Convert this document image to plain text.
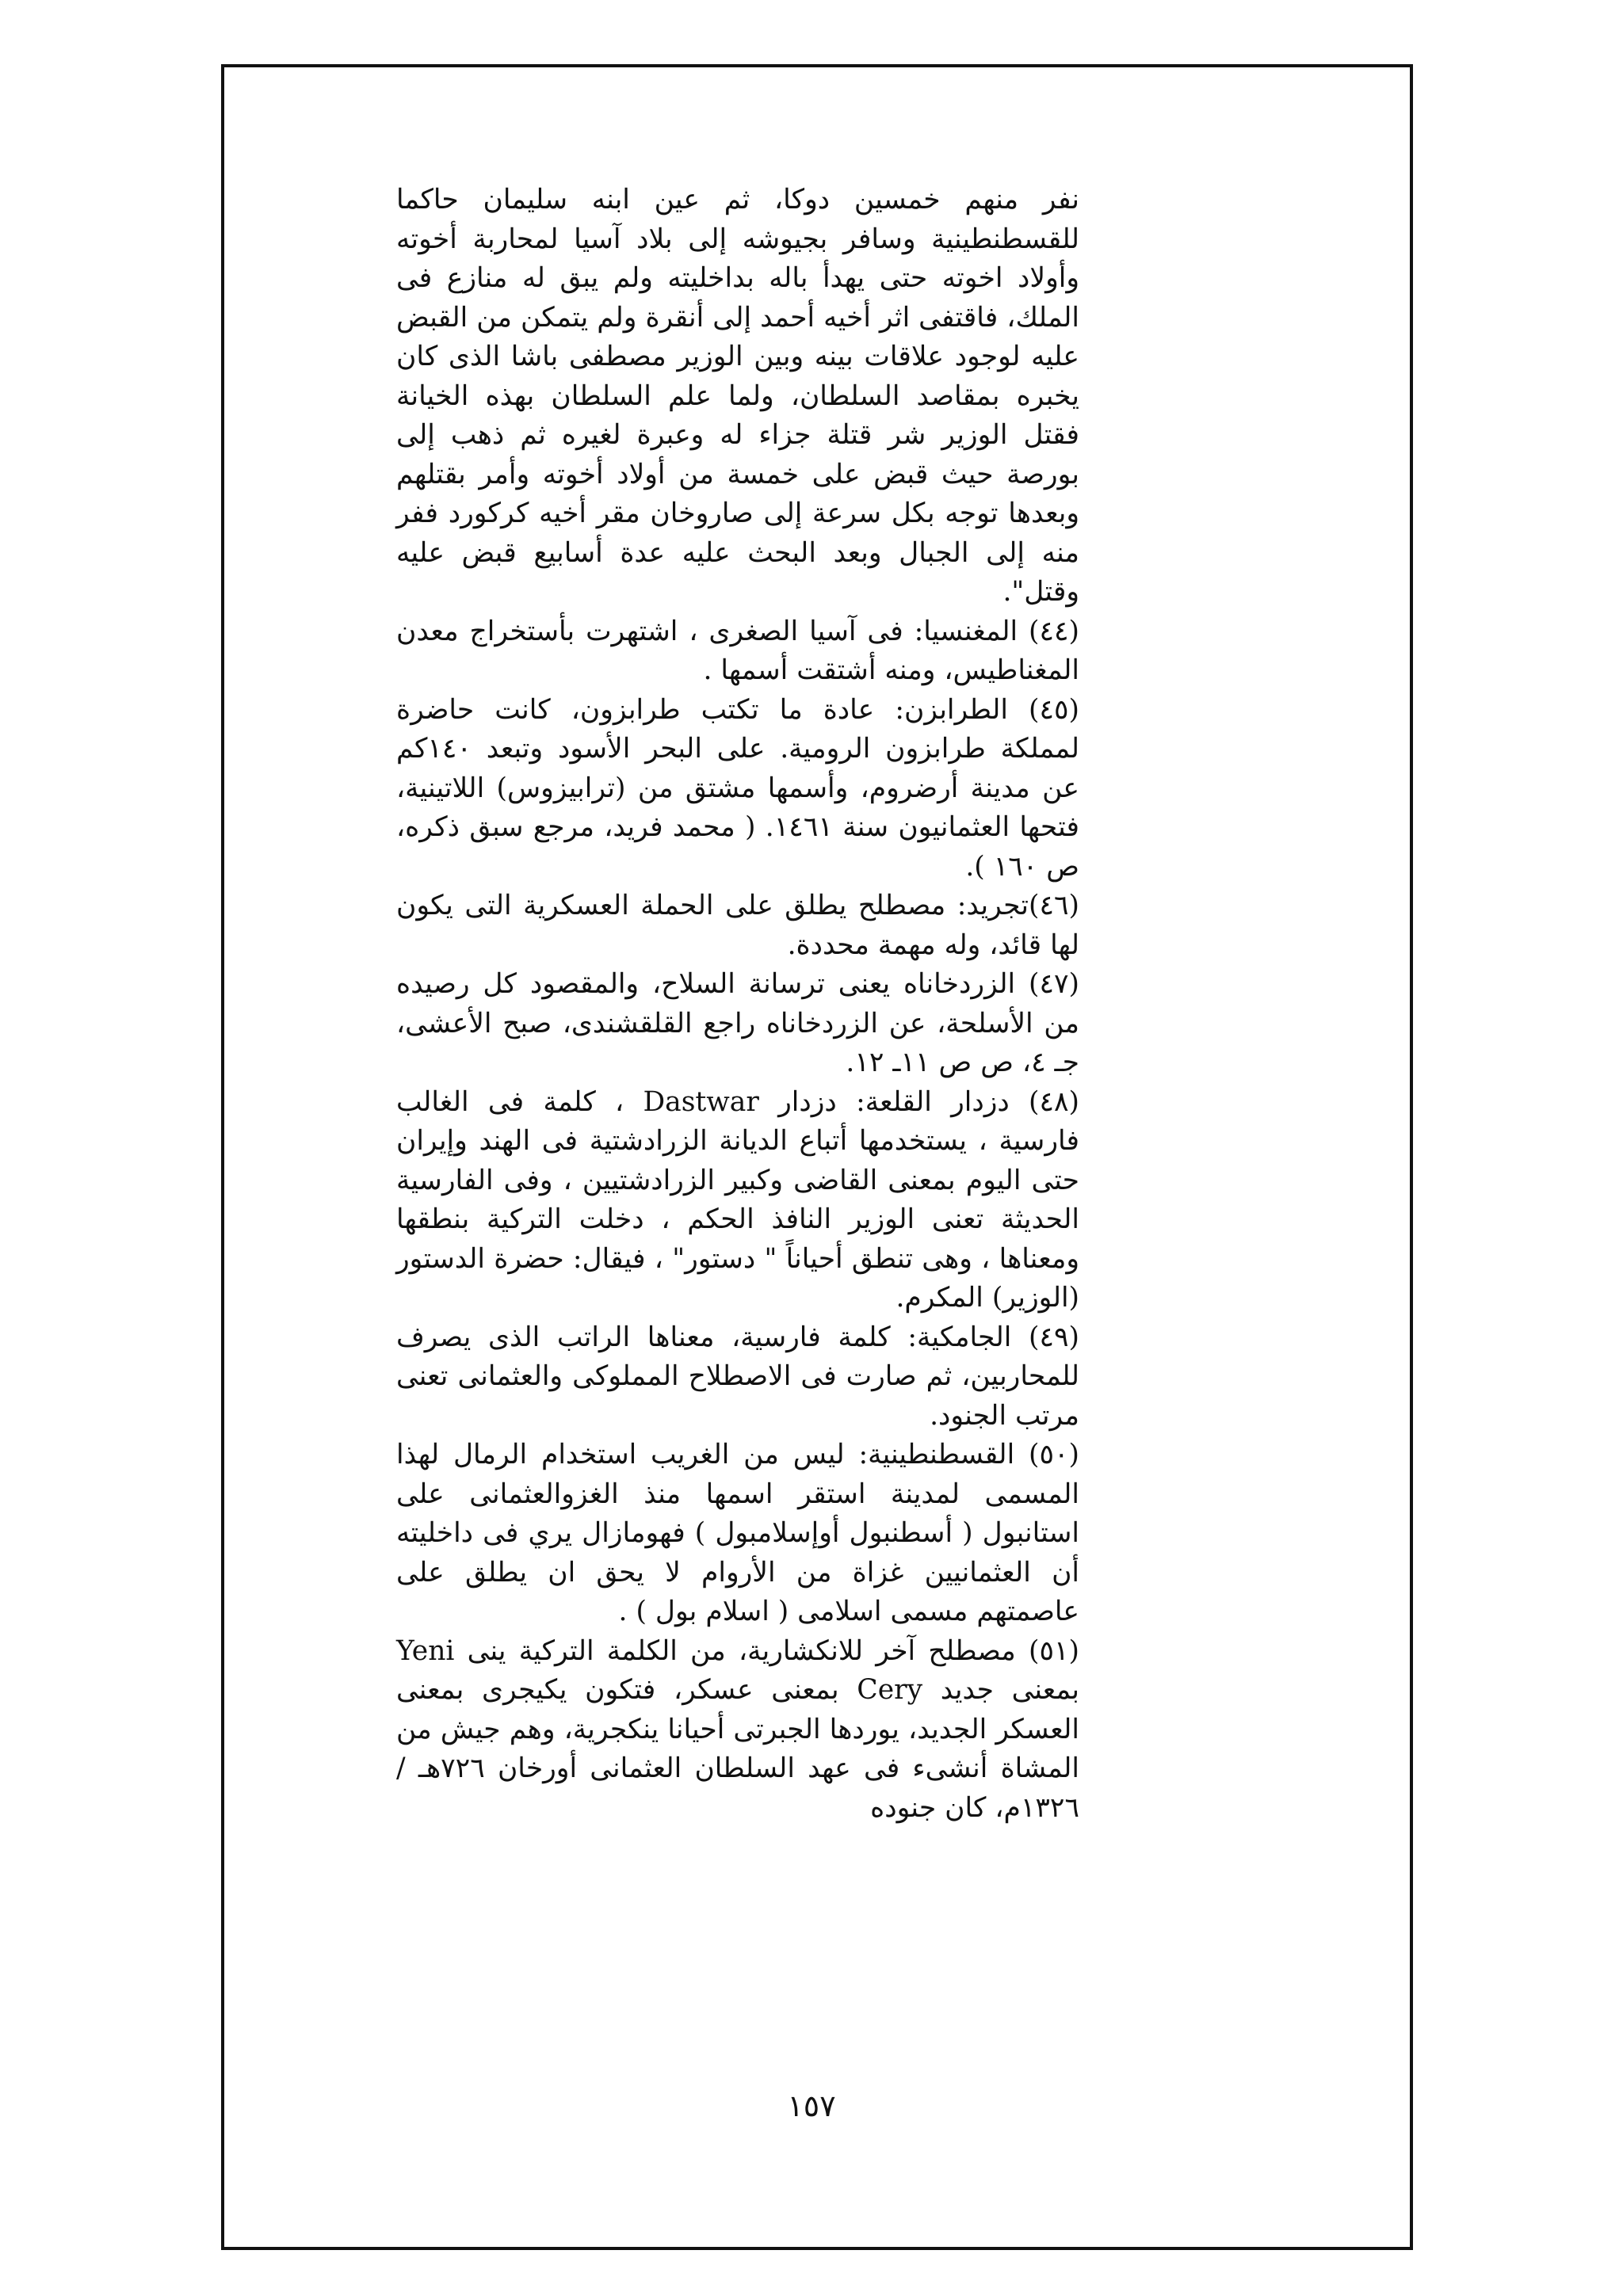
نفر منهم خمسين دوكا، ثم عين ابنه سليمان حاكما للقسطنطينية وسافر بجيوشه إلى بلاد آسيا لمحاربة أخوته وأولاد اخوته حتى يهدأ باله بداخليته ولم يبق له منازع فى الملك، فاقتفى اثر أخيه أحمد إلى أنقرة ولم يتمكن من القبض عليه لوجود علاقات بينه وبين الوزير مصطفى باشا الذى كان يخبره بمقاصد السلطان، ولما علم السلطان بهذه الخيانة فقتل الوزير شر قتلة جزاء له وعبرة لغيره ثم ذهب إلى بورصة حيث قبض على خمسة من أولاد أخوته وأمر بقتلهم وبعدها توجه بكل سرعة إلى صاروخان مقر أخيه كركورد ففر منه إلى الجبال وبعد البحث عليه عدة أسابيع قبض عليه وقتل".

(٤٤) المغنسيا: فى آسيا الصغرى ، اشتهرت بأستخراج معدن المغناطيس، ومنه أشتقت أسمها .

(٤٥) الطرابزن: عادة ما تكتب طرابزون، كانت حاضرة لمملكة طرابزون الرومية. على البحر الأسود وتبعد ١٤٠كم عن مدينة أرضروم، وأسمها مشتق من (ترابيزوس) اللاتينية، فتحها العثمانيون سنة ١٤٦١. ( محمد فريد، مرجع سبق ذكره، ص ١٦٠ ).

(٤٦)تجريد: مصطلح يطلق على الحملة العسكرية التى يكون لها قائد، وله مهمة محددة.

(٤٧) الزردخاناه يعنى ترسانة السلاح، والمقصود كل رصيده من الأسلحة، عن الزردخاناه راجع القلقشندى، صبح الأعشى، جـ ٤، ص ص ١١ـ ١٢.

(٤٨) دزدار القلعة: دزدار Dastwar ، كلمة فى الغالب فارسية ، يستخدمها أتباع الديانة الزرادشتية فى الهند وإيران حتى اليوم بمعنى القاضى وكبير الزرادشتيين ، وفى الفارسية الحديثة تعنى الوزير النافذ الحكم ، دخلت التركية بنطقها ومعناها ، وهى تنطق أحياناً " دستور" ، فيقال: حضرة الدستور (الوزير) المكرم.

(٤٩) الجامكية: كلمة فارسية، معناها الراتب الذى يصرف للمحاربين، ثم صارت فى الاصطلاح المملوكى والعثمانى تعنى مرتب الجنود.

(٥٠) القسطنطينية: ليس من الغريب استخدام الرمال لهذا المسمى لمدينة استقر اسمها منذ الغزوالعثمانى على استانبول ( أسطنبول أوإسلامبول ) فهومازال يري فى داخليته أن العثمانيين غزاة من الأروام لا يحق ان يطلق على عاصمتهم مسمى اسلامى ( اسلام بول ) .

(٥١) مصطلح آخر للانكشارية، من الكلمة التركية ينى Yeni بمعنى جديد Cery بمعنى عسكر، فتكون يكيجرى بمعنى العسكر الجديد، يوردها الجبرتى أحيانا ينكجرية، وهم جيش من المشاة أنشىء فى عهد السلطان العثمانى أورخان ٧٢٦هـ / ١٣٢٦م، كان جنوده

١٥٧
